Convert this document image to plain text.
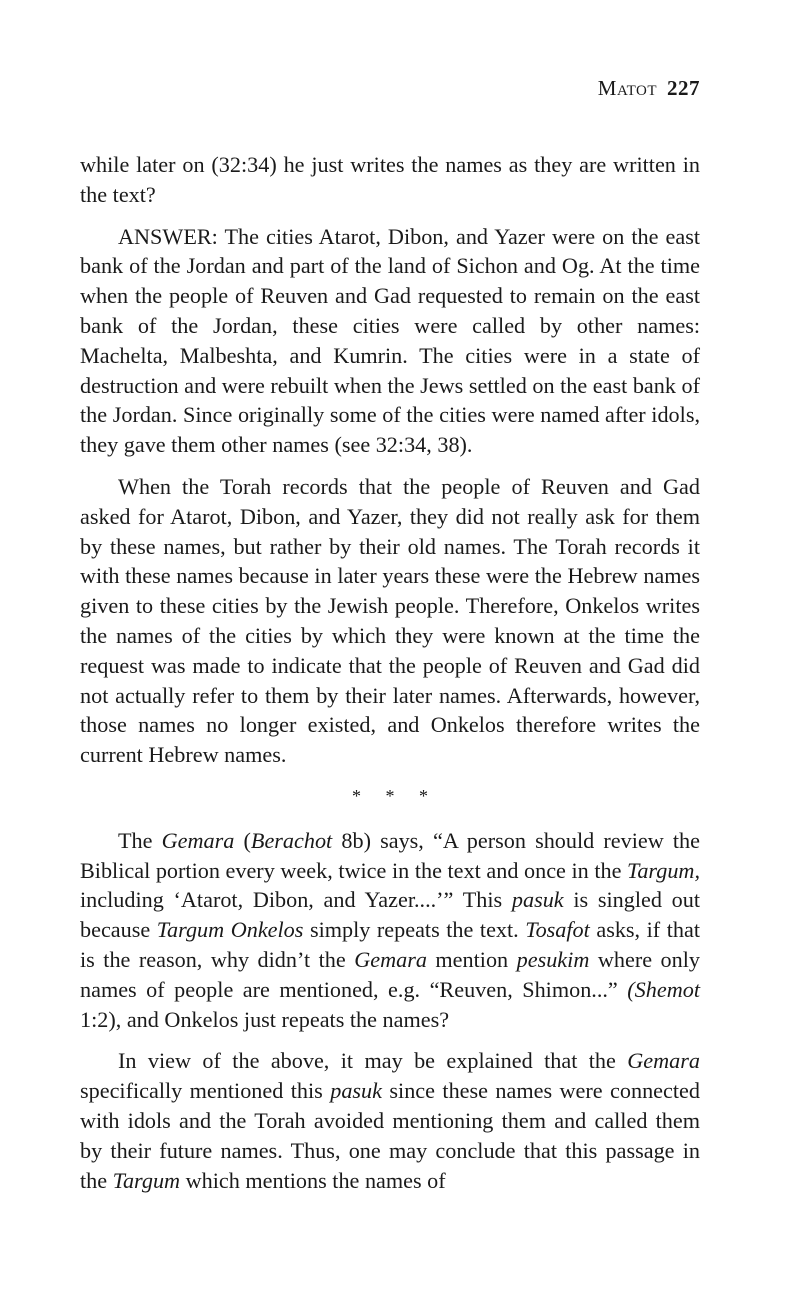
Matot 227

while later on (32:34) he just writes the names as they are written in the text?

ANSWER: The cities Atarot, Dibon, and Yazer were on the east bank of the Jordan and part of the land of Sichon and Og. At the time when the people of Reuven and Gad requested to remain on the east bank of the Jordan, these cities were called by other names: Machelta, Malbeshta, and Kumrin. The cities were in a state of destruction and were rebuilt when the Jews settled on the east bank of the Jordan. Since originally some of the cities were named after idols, they gave them other names (see 32:34, 38).

When the Torah records that the people of Reuven and Gad asked for Atarot, Dibon, and Yazer, they did not really ask for them by these names, but rather by their old names. The Torah records it with these names because in later years these were the Hebrew names given to these cities by the Jewish people. Therefore, Onkelos writes the names of the cities by which they were known at the time the request was made to indicate that the people of Reuven and Gad did not actually refer to them by their later names. Afterwards, however, those names no longer existed, and Onkelos therefore writes the current Hebrew names.

* * *

The Gemara (Berachot 8b) says, “A person should review the Biblical portion every week, twice in the text and once in the Targum, including ‘Atarot, Dibon, and Yazer....’” This pasuk is singled out because Targum Onkelos simply repeats the text. Tosafot asks, if that is the reason, why didn’t the Gemara mention pesukim where only names of people are mentioned, e.g. “Reuven, Shimon...” (Shemot 1:2), and Onkelos just repeats the names?

In view of the above, it may be explained that the Gemara specifically mentioned this pasuk since these names were connected with idols and the Torah avoided mentioning them and called them by their future names. Thus, one may conclude that this passage in the Targum which mentions the names of
